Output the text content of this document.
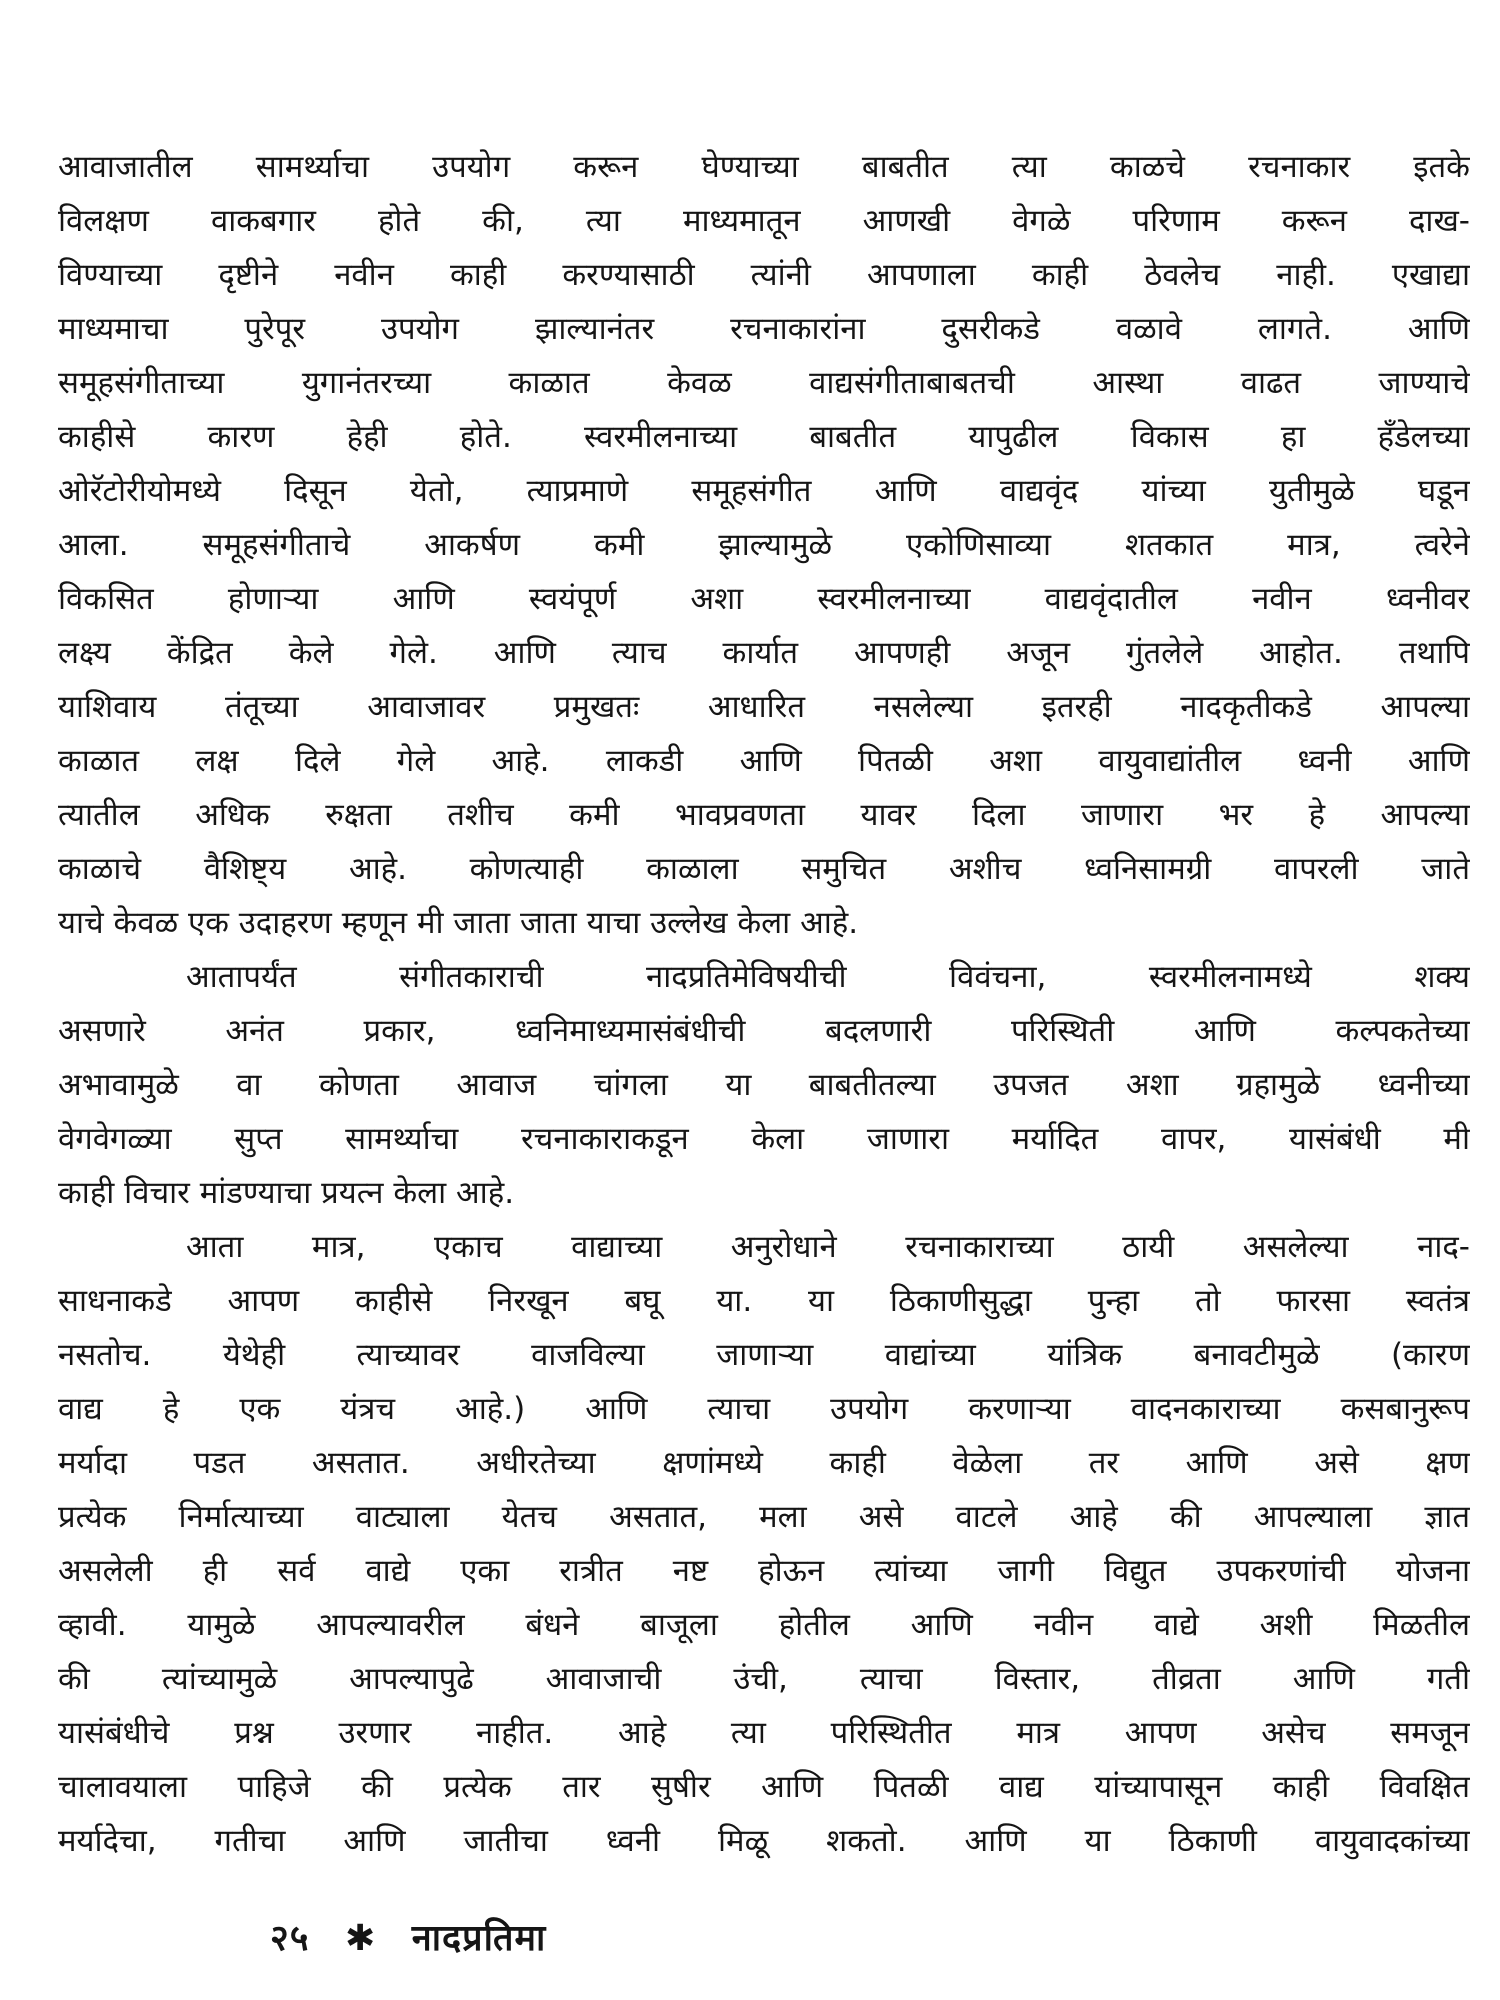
आवाजातील सामर्थ्याचा उपयोग करून घेण्याच्या बाबतीत त्या काळचे रचनाकार इतके
विलक्षण वाकबगार होते की, त्या माध्यमातून आणखी वेगळे परिणाम करून दाख-
विण्याच्या दृष्टीने नवीन काही करण्यासाठी त्यांनी आपणाला काही ठेवलेच नाही. एखाद्या
माध्यमाचा पुरेपूर उपयोग झाल्यानंतर रचनाकारांना दुसरीकडे वळावे लागते. आणि
समूहसंगीताच्या युगानंतरच्या काळात केवळ वाद्यसंगीताबाबतची आस्था वाढत जाण्याचे
काहीसे कारण हेही होते. स्वरमीलनाच्या बाबतीत यापुढील विकास हा हँडेलच्या
ओरॅटोरीयोमध्ये दिसून येतो, त्याप्रमाणे समूहसंगीत आणि वाद्यवृंद यांच्या युतीमुळे घडून
आला. समूहसंगीताचे आकर्षण कमी झाल्यामुळे एकोणिसाव्या शतकात मात्र, त्वरेने
विकसित होणाऱ्या आणि स्वयंपूर्ण अशा स्वरमीलनाच्या वाद्यवृंदातील नवीन ध्वनीवर
लक्ष्य केंद्रित केले गेले. आणि त्याच कार्यात आपणही अजून गुंतलेले आहोत. तथापि
याशिवाय तंतूच्या आवाजावर प्रमुखतः आधारित नसलेल्या इतरही नादकृतीकडे आपल्या
काळात लक्ष दिले गेले आहे. लाकडी आणि पितळी अशा वायुवाद्यांतील ध्वनी आणि
त्यातील अधिक रुक्षता तशीच कमी भावप्रवणता यावर दिला जाणारा भर हे आपल्या
काळाचे वैशिष्ट्य आहे. कोणत्याही काळाला समुचित अशीच ध्वनिसामग्री वापरली जाते
याचे केवळ एक उदाहरण म्हणून मी जाता जाता याचा उल्लेख केला आहे.
आतापर्यंत संगीतकाराची नादप्रतिमेविषयीची विवंचना, स्वरमीलनामध्ये शक्य
असणारे अनंत प्रकार, ध्वनिमाध्यमासंबंधीची बदलणारी परिस्थिती आणि कल्पकतेच्या
अभावामुळे वा कोणता आवाज चांगला या बाबतीतल्या उपजत अशा ग्रहामुळे ध्वनीच्या
वेगवेगळ्या सुप्त सामर्थ्याचा रचनाकाराकडून केला जाणारा मर्यादित वापर, यासंबंधी मी
काही विचार मांडण्याचा प्रयत्न केला आहे.
आता मात्र, एकाच वाद्याच्या अनुरोधाने रचनाकाराच्या ठायी असलेल्या नाद-
साधनाकडे आपण काहीसे निरखून बघू या. या ठिकाणीसुद्धा पुन्हा तो फारसा स्वतंत्र
नसतोच. येथेही त्याच्यावर वाजविल्या जाणाऱ्या वाद्यांच्या यांत्रिक बनावटीमुळे (कारण
वाद्य हे एक यंत्रच आहे.) आणि त्याचा उपयोग करणाऱ्या वादनकाराच्या कसबानुरूप
मर्यादा पडत असतात. अधीरतेच्या क्षणांमध्ये काही वेळेला तर आणि असे क्षण
प्रत्येक निर्मात्याच्या वाट्याला येतच असतात, मला असे वाटले आहे की आपल्याला ज्ञात
असलेली ही सर्व वाद्ये एका रात्रीत नष्ट होऊन त्यांच्या जागी विद्युत उपकरणांची योजना
व्हावी. यामुळे आपल्यावरील बंधने बाजूला होतील आणि नवीन वाद्ये अशी मिळतील
की त्यांच्यामुळे आपल्यापुढे आवाजाची उंची, त्याचा विस्तार, तीव्रता आणि गती
यासंबंधीचे प्रश्न उरणार नाहीत. आहे त्या परिस्थितीत मात्र आपण असेच समजून
चालावयाला पाहिजे की प्रत्येक तार सुषीर आणि पितळी वाद्य यांच्यापासून काही विवक्षित
मर्यादेचा, गतीचा आणि जातीचा ध्वनी मिळू शकतो. आणि या ठिकाणी वायुवादकांच्या
२५ ✱ नादप्रतिमा
